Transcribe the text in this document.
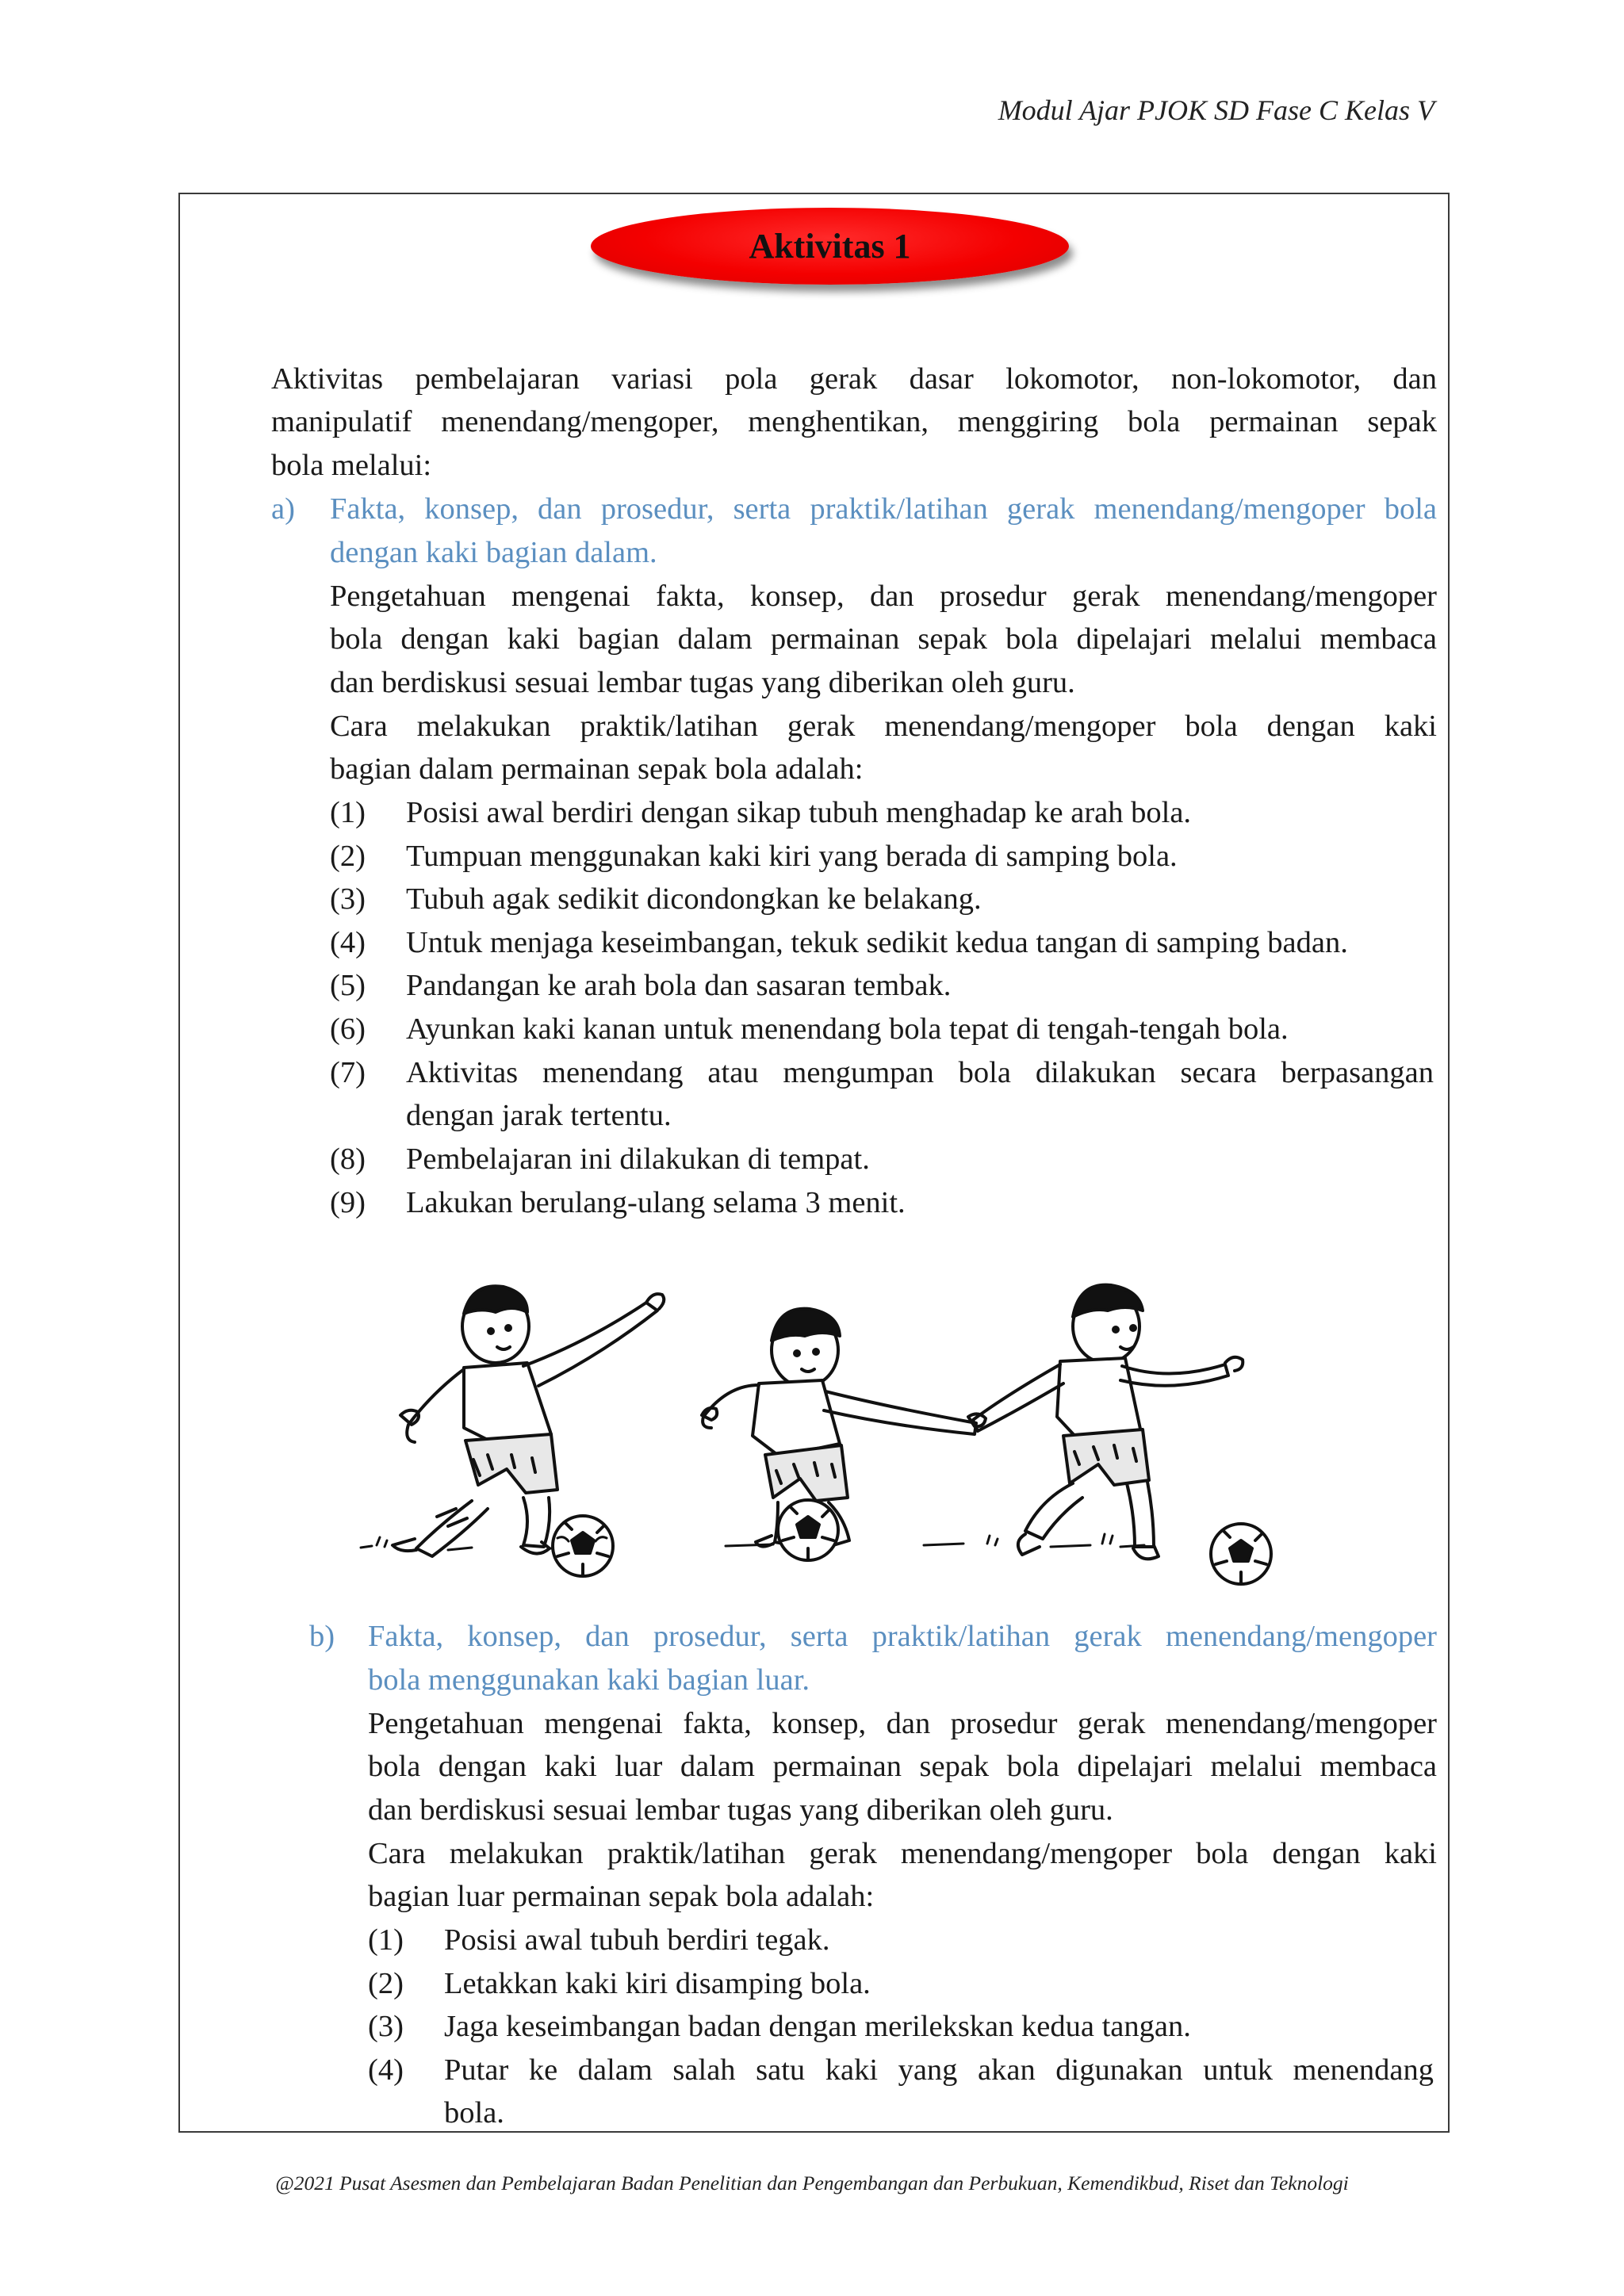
Modul Ajar PJOK SD Fase C Kelas V
Aktivitas 1
Aktivitas pembelajaran variasi pola gerak dasar lokomotor, non-lokomotor, dan
manipulatif menendang/mengoper, menghentikan, menggiring bola permainan sepak
bola melalui:
a) Fakta, konsep, dan prosedur, serta praktik/latihan gerak menendang/mengoper bola
dengan kaki bagian dalam.
Pengetahuan mengenai fakta, konsep, dan prosedur gerak menendang/mengoper
bola dengan kaki bagian dalam permainan sepak bola dipelajari melalui membaca
dan berdiskusi sesuai lembar tugas yang diberikan oleh guru.
Cara melakukan praktik/latihan gerak menendang/mengoper bola dengan kaki
bagian dalam permainan sepak bola adalah:
(1) Posisi awal berdiri dengan sikap tubuh menghadap ke arah bola.
(2) Tumpuan menggunakan kaki kiri yang berada di samping bola.
(3) Tubuh agak sedikit dicondongkan ke belakang.
(4) Untuk menjaga keseimbangan, tekuk sedikit kedua tangan di samping badan.
(5) Pandangan ke arah bola dan sasaran tembak.
(6) Ayunkan kaki kanan untuk menendang bola tepat di tengah-tengah bola.
(7) Aktivitas menendang atau mengumpan bola dilakukan secara berpasangan
dengan jarak tertentu.
(8) Pembelajaran ini dilakukan di tempat.
(9) Lakukan berulang-ulang selama 3 menit.
b) Fakta, konsep, dan prosedur, serta praktik/latihan gerak menendang/mengoper
bola menggunakan kaki bagian luar.
Pengetahuan mengenai fakta, konsep, dan prosedur gerak menendang/mengoper
bola dengan kaki luar dalam permainan sepak bola dipelajari melalui membaca
dan berdiskusi sesuai lembar tugas yang diberikan oleh guru.
Cara melakukan praktik/latihan gerak menendang/mengoper bola dengan kaki
bagian luar permainan sepak bola adalah:
(1) Posisi awal tubuh berdiri tegak.
(2) Letakkan kaki kiri disamping bola.
(3) Jaga keseimbangan badan dengan merilekskan kedua tangan.
(4) Putar ke dalam salah satu kaki yang akan digunakan untuk menendang
bola.
@2021 Pusat Asesmen dan Pembelajaran Badan Penelitian dan Pengembangan dan Perbukuan, Kemendikbud, Riset dan Teknologi
